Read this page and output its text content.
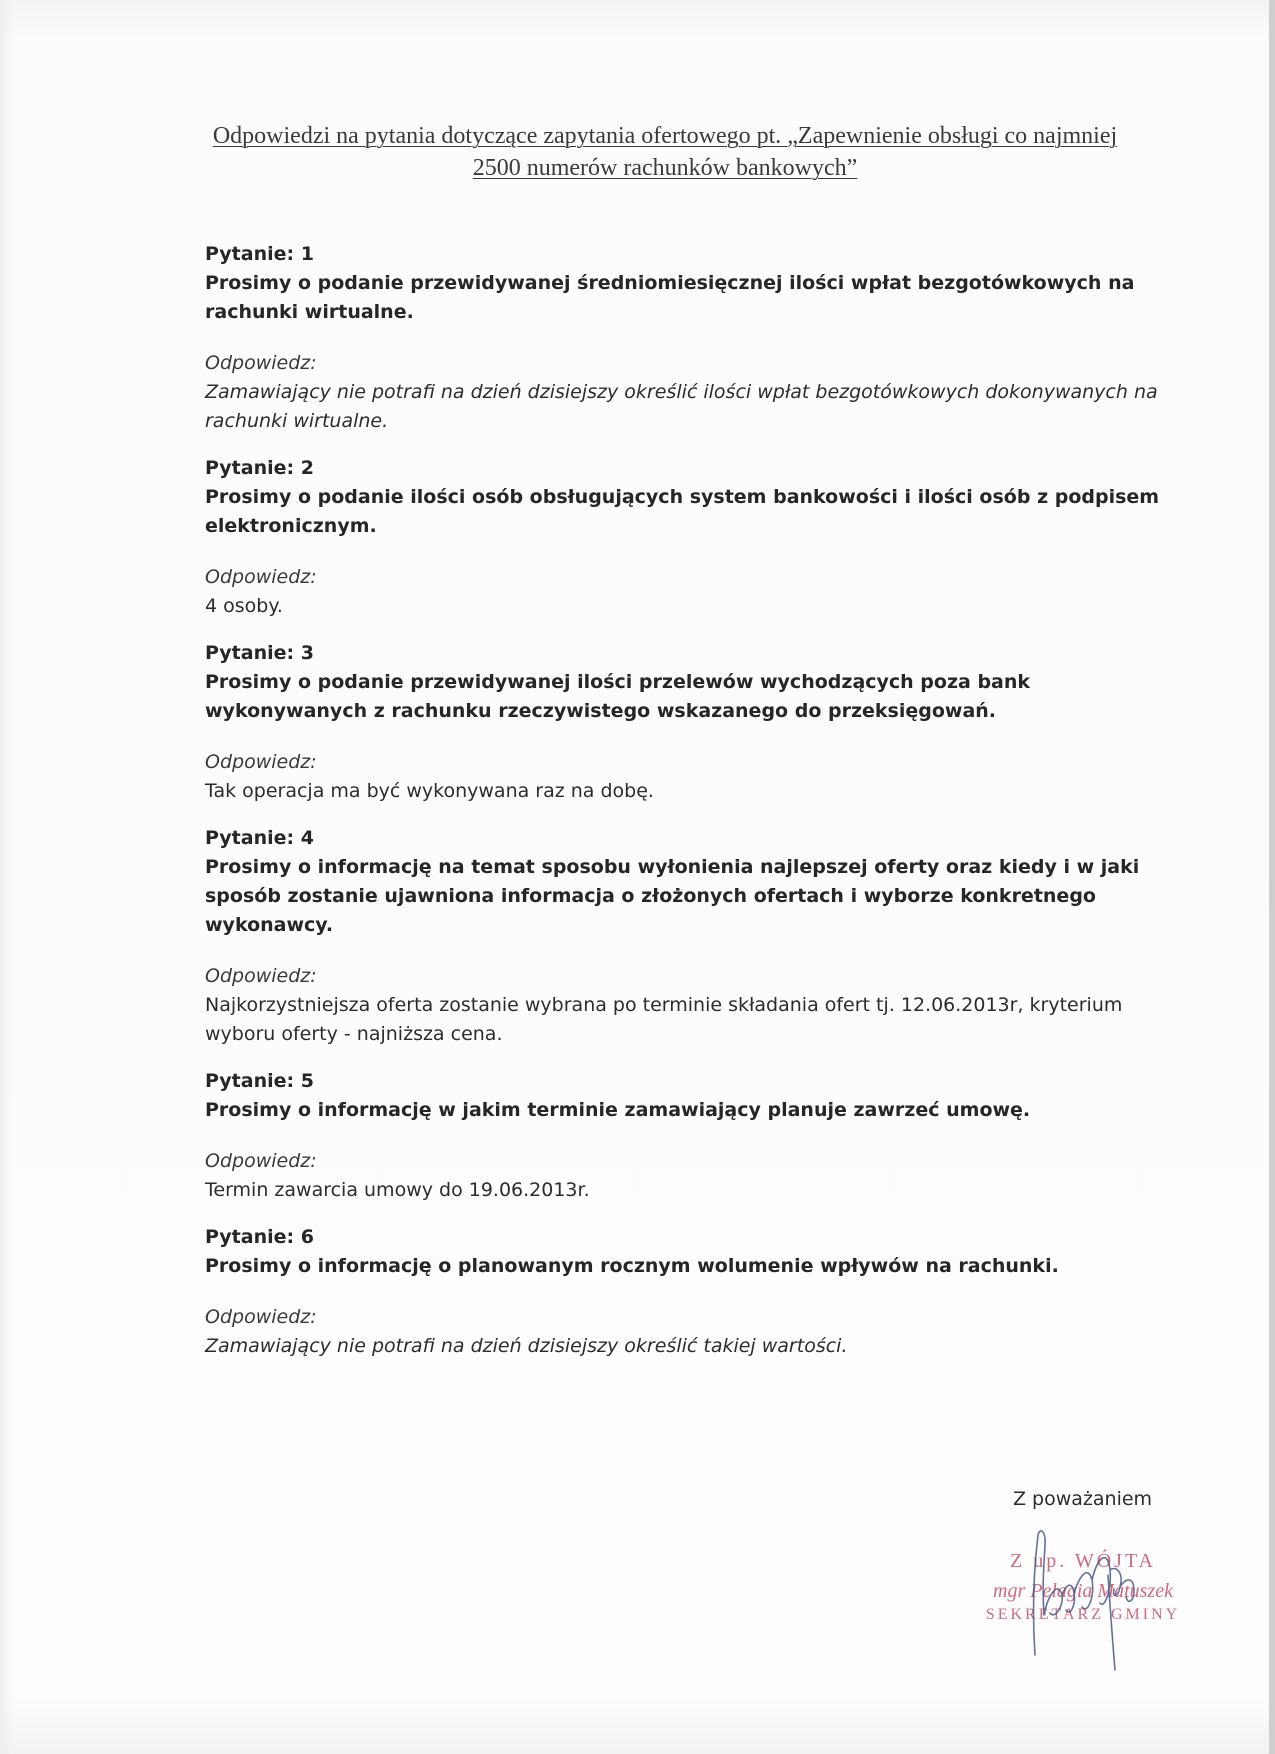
Odpowiedzi na pytania dotyczące zapytania ofertowego pt. „Zapewnienie obsługi co najmniej
2500 numerów rachunków bankowych”
Pytanie: 1
Prosimy o podanie przewidywanej średniomiesięcznej ilości wpłat bezgotówkowych na rachunki wirtualne.
Odpowiedz:
Zamawiający nie potrafi na dzień dzisiejszy określić ilości wpłat bezgotówkowych dokonywanych na rachunki wirtualne.
Pytanie: 2
Prosimy o podanie ilości osób obsługujących system bankowości i ilości osób z podpisem elektronicznym.
Odpowiedz:
4 osoby.
Pytanie: 3
Prosimy o podanie przewidywanej ilości przelewów wychodzących poza bank wykonywanych z rachunku rzeczywistego wskazanego do przeksięgowań.
Odpowiedz:
Tak operacja ma być wykonywana raz na dobę.
Pytanie: 4
Prosimy o informację na temat sposobu wyłonienia najlepszej oferty oraz kiedy i w jaki sposób zostanie ujawniona informacja o złożonych ofertach i wyborze konkretnego wykonawcy.
Odpowiedz:
Najkorzystniejsza oferta zostanie wybrana po terminie składania ofert tj. 12.06.2013r, kryterium wyboru oferty - najniższa cena.
Pytanie: 5
Prosimy o informację w jakim terminie zamawiający planuje zawrzeć umowę.
Odpowiedz:
Termin zawarcia umowy do 19.06.2013r.
Pytanie: 6
Prosimy o informację o planowanym rocznym wolumenie wpływów na rachunki.
Odpowiedz:
Zamawiający nie potrafi na dzień dzisiejszy określić takiej wartości.
Z poważaniem
Z up. WÓJTA
mgr Pelagia Matuszek
SEKRETARZ GMINY
